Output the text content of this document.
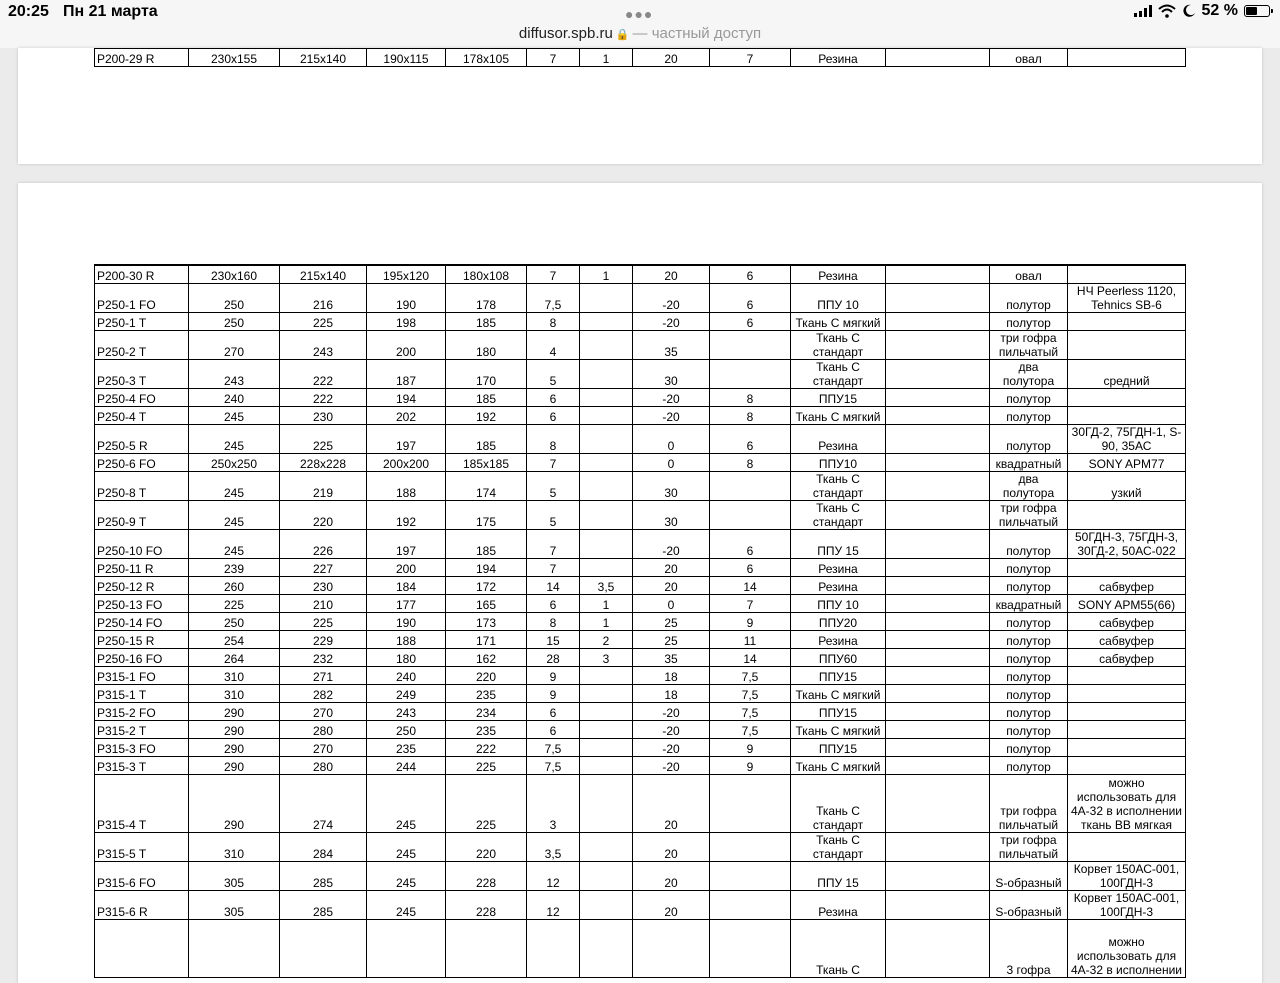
20:25 Пн 21 марта	●●●
diffusor.spb.ru 🔒 — частный доступ
52 %
P200-29 R	230x155	215x140	190x115	178x105	7	1	20	7	Резина		овал	
P200-30 R	230x160	215x140	195x120	180x108	7	1	20	6	Резина		овал	
P250-1 FO	250	216	190	178	7,5		-20	6	ППУ 10		полутор	НЧ Peerless 1120, Tehnics SB-6
P250-1 T	250	225	198	185	8		-20	6	Ткань С мягкий		полутор	
P250-2 T	270	243	200	180	4		35		Ткань С стандарт		три гофра пильчатый	
P250-3 T	243	222	187	170	5		30		Ткань С стандарт		два полутора	средний
P250-4 FO	240	222	194	185	6		-20	8	ППУ15		полутор	
P250-4 T	245	230	202	192	6		-20	8	Ткань С мягкий		полутор	
P250-5 R	245	225	197	185	8		0	6	Резина		полутор	30ГД-2, 75ГДН-1, S-90, 35АС
P250-6 FO	250x250	228x228	200x200	185x185	7		0	8	ППУ10		квадратный	SONY APM77
P250-8 T	245	219	188	174	5		30		Ткань С стандарт		два полутора	узкий
P250-9 T	245	220	192	175	5		30		Ткань С стандарт		три гофра пильчатый	
P250-10 FO	245	226	197	185	7		-20	6	ППУ 15		полутор	50ГДН-3, 75ГДН-3, 30ГД-2, 50АС-022
P250-11 R	239	227	200	194	7		20	6	Резина		полутор	
P250-12 R	260	230	184	172	14	3,5	20	14	Резина		полутор	сабвуфер
P250-13 FO	225	210	177	165	6	1	0	7	ППУ 10		квадратный	SONY APM55(66)
P250-14 FO	250	225	190	173	8	1	25	9	ППУ20		полутор	сабвуфер
P250-15 R	254	229	188	171	15	2	25	11	Резина		полутор	сабвуфер
P250-16 FO	264	232	180	162	28	3	35	14	ППУ60		полутор	сабвуфер
P315-1 FO	310	271	240	220	9		18	7,5	ППУ15		полутор	
P315-1 T	310	282	249	235	9		18	7,5	Ткань С мягкий		полутор	
P315-2 FO	290	270	243	234	6		-20	7,5	ППУ15		полутор	
P315-2 T	290	280	250	235	6		-20	7,5	Ткань С мягкий		полутор	
P315-3 FO	290	270	235	222	7,5		-20	9	ППУ15		полутор	
P315-3 T	290	280	244	225	7,5		-20	9	Ткань С мягкий		полутор	
P315-4 T	290	274	245	225	3		20		Ткань С стандарт		три гофра пильчатый	можно использовать для 4А-32 в исполнении ткань ВВ мягкая
P315-5 T	310	284	245	220	3,5		20		Ткань С стандарт		три гофра пильчатый	
P315-6 FO	305	285	245	228	12		20		ППУ 15		S-образный	Корвет 150АС-001, 100ГДН-3
P315-6 R	305	285	245	228	12		20		Резина		S-образный	Корвет 150АС-001, 100ГДН-3
									Ткань С		3 гофра	можно использовать для 4А-32 в исполнении
